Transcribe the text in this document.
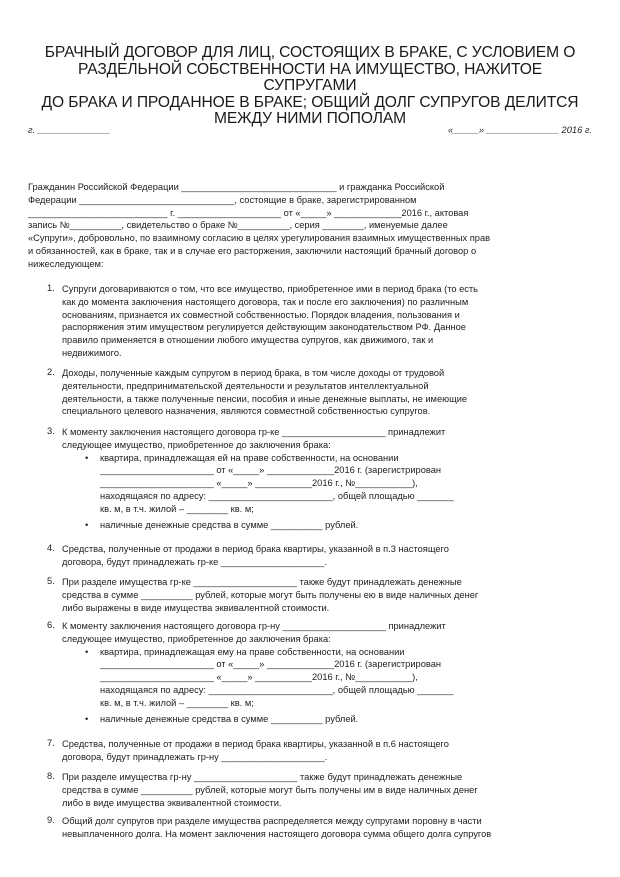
БРАЧНЫЙ ДОГОВОР ДЛЯ ЛИЦ, СОСТОЯЩИХ В БРАКЕ, С УСЛОВИЕМ О
РАЗДЕЛЬНОЙ СОБСТВЕННОСТИ НА ИМУЩЕСТВО, НАЖИТОЕ СУПРУГАМИ
ДО БРАКА И ПРОДАННОЕ В БРАКЕ; ОБЩИЙ ДОЛГ СУПРУГОВ ДЕЛИТСЯ
МЕЖДУ НИМИ ПОПОЛАМ
г. ______________	«_____» ______________ 2016 г.
Гражданин Российской Федерации ______________________________ и гражданка Российской
Федерации ______________________________, состоящие в браке, зарегистрированном
___________________________ г. ____________________ от «_____» _____________2016 г., актовая
запись №__________, свидетельство о браке №__________, серия ________, именуемые далее
«Супруги», добровольно, по взаимному согласию в целях урегулирования взаимных имущественных прав
и обязанностей, как в браке, так и в случае его расторжения, заключили настоящий брачный договор о
нижеследующем:
1. Супруги договариваются о том, что все имущество, приобретенное ими в период брака (то есть
как до момента заключения настоящего договора, так и после его заключения) по различным
основаниям, признается их совместной собственностью. Порядок владения, пользования и
распоряжения этим имуществом регулируется действующим законодательством РФ. Данное
правило применяется в отношении любого имущества супругов, как движимого, так и
недвижимого.
2. Доходы, полученные каждым супругом в период брака, в том числе доходы от трудовой
деятельности, предпринимательской деятельности и результатов интеллектуальной
деятельности, а также полученные пенсии, пособия и иные денежные выплаты, не имеющие
специального целевого назначения, являются совместной собственностью супругов.
3. К моменту заключения настоящего договора гр-ке ____________________ принадлежит
следующее имущество, приобретенное до заключения брака:

•

квартира, принадлежащая ей на праве собственности, на основании

______________________ от «_____» _____________2016 г. (зарегистрирован
______________________ «_____» ___________2016 г., №___________),
находящаяся по адресу: ________________________, общей площадью _______
кв. м, в т.ч. жилой – ________ кв. м;

•

наличные денежные средства в сумме __________ рублей.

4. Средства, полученные от продажи в период брака квартиры, указанной в п.3 настоящего
договора, будут принадлежать гр-ке ____________________.
5. При разделе имущества гр-ке ____________________ также будут принадлежать денежные
средства в сумме __________ рублей, которые могут быть получены ею в виде наличных денег
либо выражены в виде имущества эквивалентной стоимости.
6. К моменту заключения настоящего договора гр-ну ____________________ принадлежит
следующее имущество, приобретенное до заключения брака:

•

квартира, принадлежащая ему на праве собственности, на основании

______________________ от «_____» _____________2016 г. (зарегистрирован
______________________ «_____» ___________2016 г., №___________),
находящаяся по адресу: ________________________, общей площадью _______
кв. м, в т.ч. жилой – ________ кв. м;

•

наличные денежные средства в сумме __________ рублей.

7. Средства, полученные от продажи в период брака квартиры, указанной в п.6 настоящего
договора, будут принадлежать гр-ну ____________________.
8. При разделе имущества гр-ну ____________________ также будут принадлежать денежные
средства в сумме __________ рублей, которые могут быть получены им в виде наличных денег
либо в виде имущества эквивалентной стоимости.
9. Общий долг супругов при разделе имущества распределяется между супругами поровну в части
невыплаченного долга. На момент заключения настоящего договора сумма общего долга супругов
